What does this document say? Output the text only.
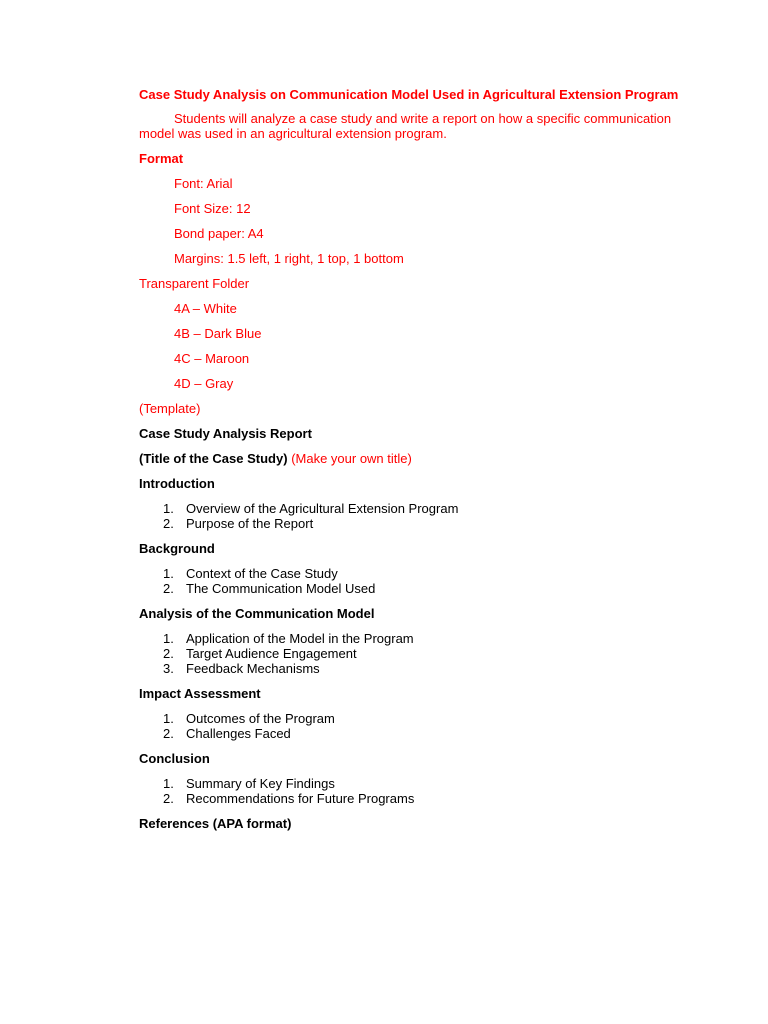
Case Study Analysis on Communication Model Used in Agricultural Extension Program
Students will analyze a case study and write a report on how a specific communication model was used in an agricultural extension program.
Format
Font: Arial
Font Size: 12
Bond paper: A4
Margins: 1.5 left, 1 right, 1 top, 1 bottom
Transparent Folder
4A – White
4B – Dark Blue
4C – Maroon
4D – Gray
(Template)
Case Study Analysis Report
(Title of the Case Study) (Make your own title)
Introduction
1. Overview of the Agricultural Extension Program
2. Purpose of the Report
Background
1. Context of the Case Study
2. The Communication Model Used
Analysis of the Communication Model
1. Application of the Model in the Program
2. Target Audience Engagement
3. Feedback Mechanisms
Impact Assessment
1. Outcomes of the Program
2. Challenges Faced
Conclusion
1. Summary of Key Findings
2. Recommendations for Future Programs
References (APA format)
